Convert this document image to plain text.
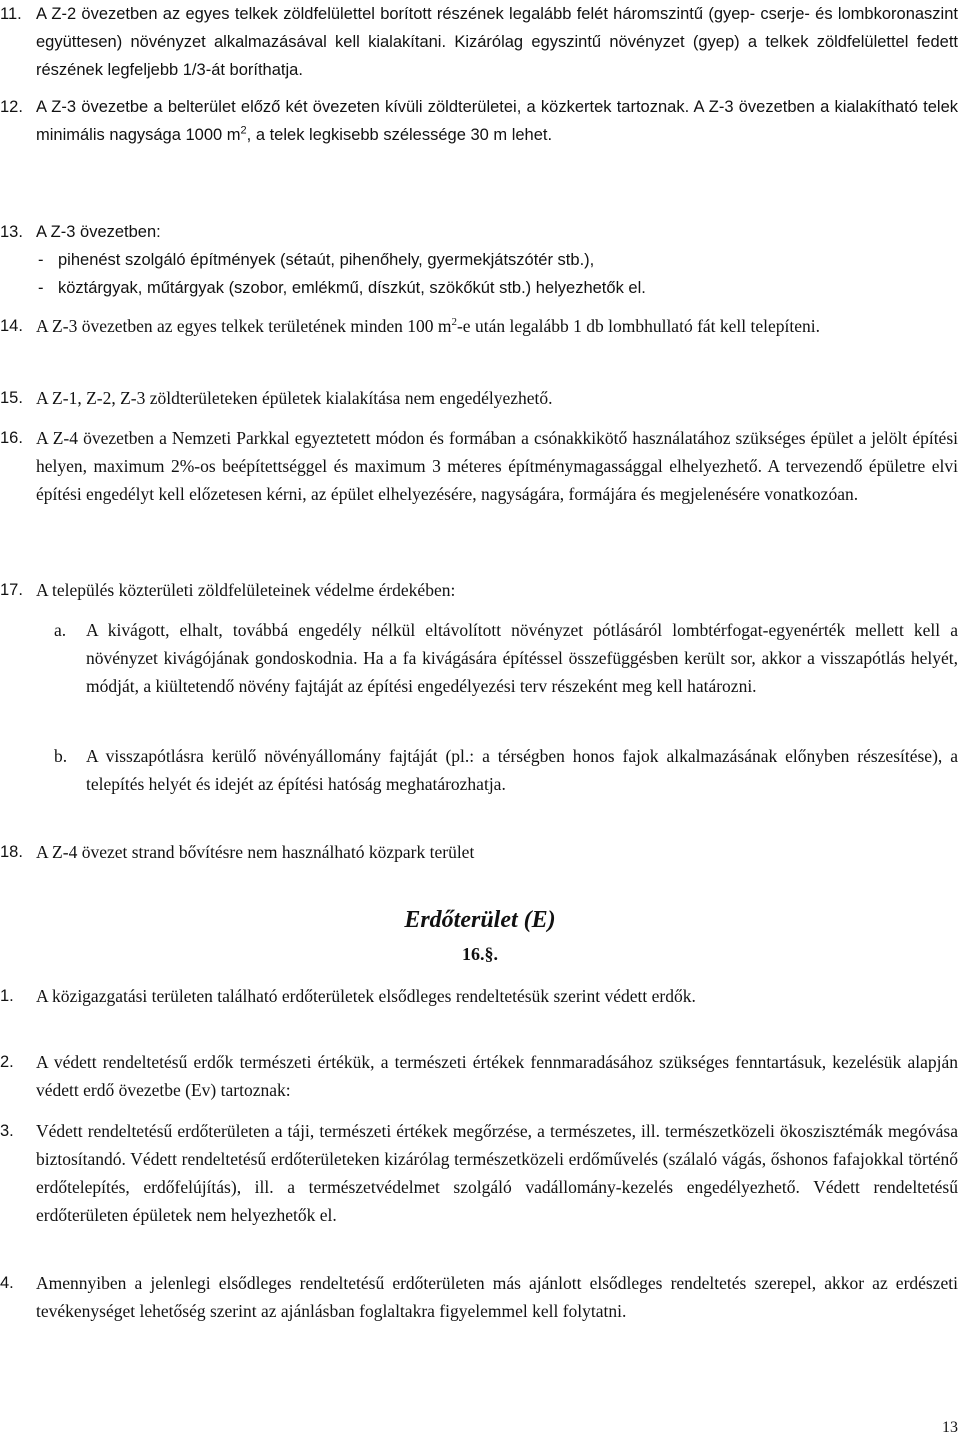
11. A Z-2 övezetben az egyes telkek zöldfelülettel borított részének legalább felét háromszintű (gyep- cserje- és lombkoronaszint együttesen) növényzet alkalmazásával kell kialakítani. Kizárólag egyszintű növényzet (gyep) a telkek zöldfelülettel fedett részének legfeljebb 1/3-át boríthatja.
12. A Z-3 övezetbe a belterület előző két övezeten kívüli zöldterületei, a közkertek tartoznak. A Z-3 övezetben a kialakítható telek minimális nagysága 1000 $m^2$, a telek legkisebb szélessége 30 m lehet.
13. A Z-3 övezetben:
- pihenést szolgáló építmények (sétaút, pihenőhely, gyermekjátszótér stb.),
- köztárgyak, műtárgyak (szobor, emlékmű, díszkút, szökőkút stb.) helyezhetők el.
14. A Z-3 övezetben az egyes telkek területének minden 100 $m^2-e$ után legalább 1 db lombhullató fát kell telepíteni.
15. A Z-1, Z-2, Z-3 zöldterületeken épületek kialakítása nem engedélyezhető.
16. A Z-4 övezetben a Nemzeti Parkkal egyeztetett módon és formában a csónakkikötő használatához szükséges épület a jelölt építési helyen, maximum 2%-os beépítettséggel és maximum 3 méteres építménymagassággal elhelyezhető. A tervezendő épületre elvi építési engedélyt kell előzetesen kérni, az épület elhelyezésére, nagyságára, formájára és megjelenésére vonatkozóan.
17. A település közterületi zöldfelületeinek védelme érdekében:
a.	A kivágott, elhalt, továbbá engedély nélkül eltávolított növényzet pótlásáról lombtérfogat-egyenérték mellett kell a növényzet kivágójának gondoskodnia. Ha a fa kivágására építéssel összefüggésben került sor, akkor a visszapótlás helyét, módját, a kiültetendő növény fajtáját az építési engedélyezési terv részeként meg kell határozni.
b.	A visszapótlásra kerülő növényállomány fajtáját (pl.: a térségben honos fajok alkalmazásának előnyben részesítése), a telepítés helyét és idejét az építési hatóság meghatározhatja.
18. A Z-4 övezet strand bővítésre nem használható közpark terület
Erdőterület (E)
16.§.
1.	A közigazgatási területen található erdőterületek elsődleges rendeltetésük szerint védett erdők.
2.	A védett rendeltetésű erdők természeti értékük, a természeti értékek fennmaradásához szükséges fenntartásuk, kezelésük alapján védett erdő övezetbe (Ev) tartoznak:
3.	Védett rendeltetésű erdőterületen a táji, természeti értékek megőrzése, a természetes, ill. természetközeli ökoszisztémák megóvása biztosítandó. Védett rendeltetésű erdőterületeken kizárólag természetközeli erdőművelés (szálaló vágás, őshonos fafajokkal történő erdőtelepítés, erdőfelújítás), ill. a természetvédelmet szolgáló vadállomány-kezelés engedélyezhető. Védett rendeltetésű erdőterületen épületek nem helyezhetők el.
4.	Amennyiben a jelenlegi elsődleges rendeltetésű erdőterületen más ajánlott elsődleges rendeltetés szerepel, akkor az erdészeti tevékenységet lehetőség szerint az ajánlásban foglaltakra figyelemmel kell folytatni.
13
